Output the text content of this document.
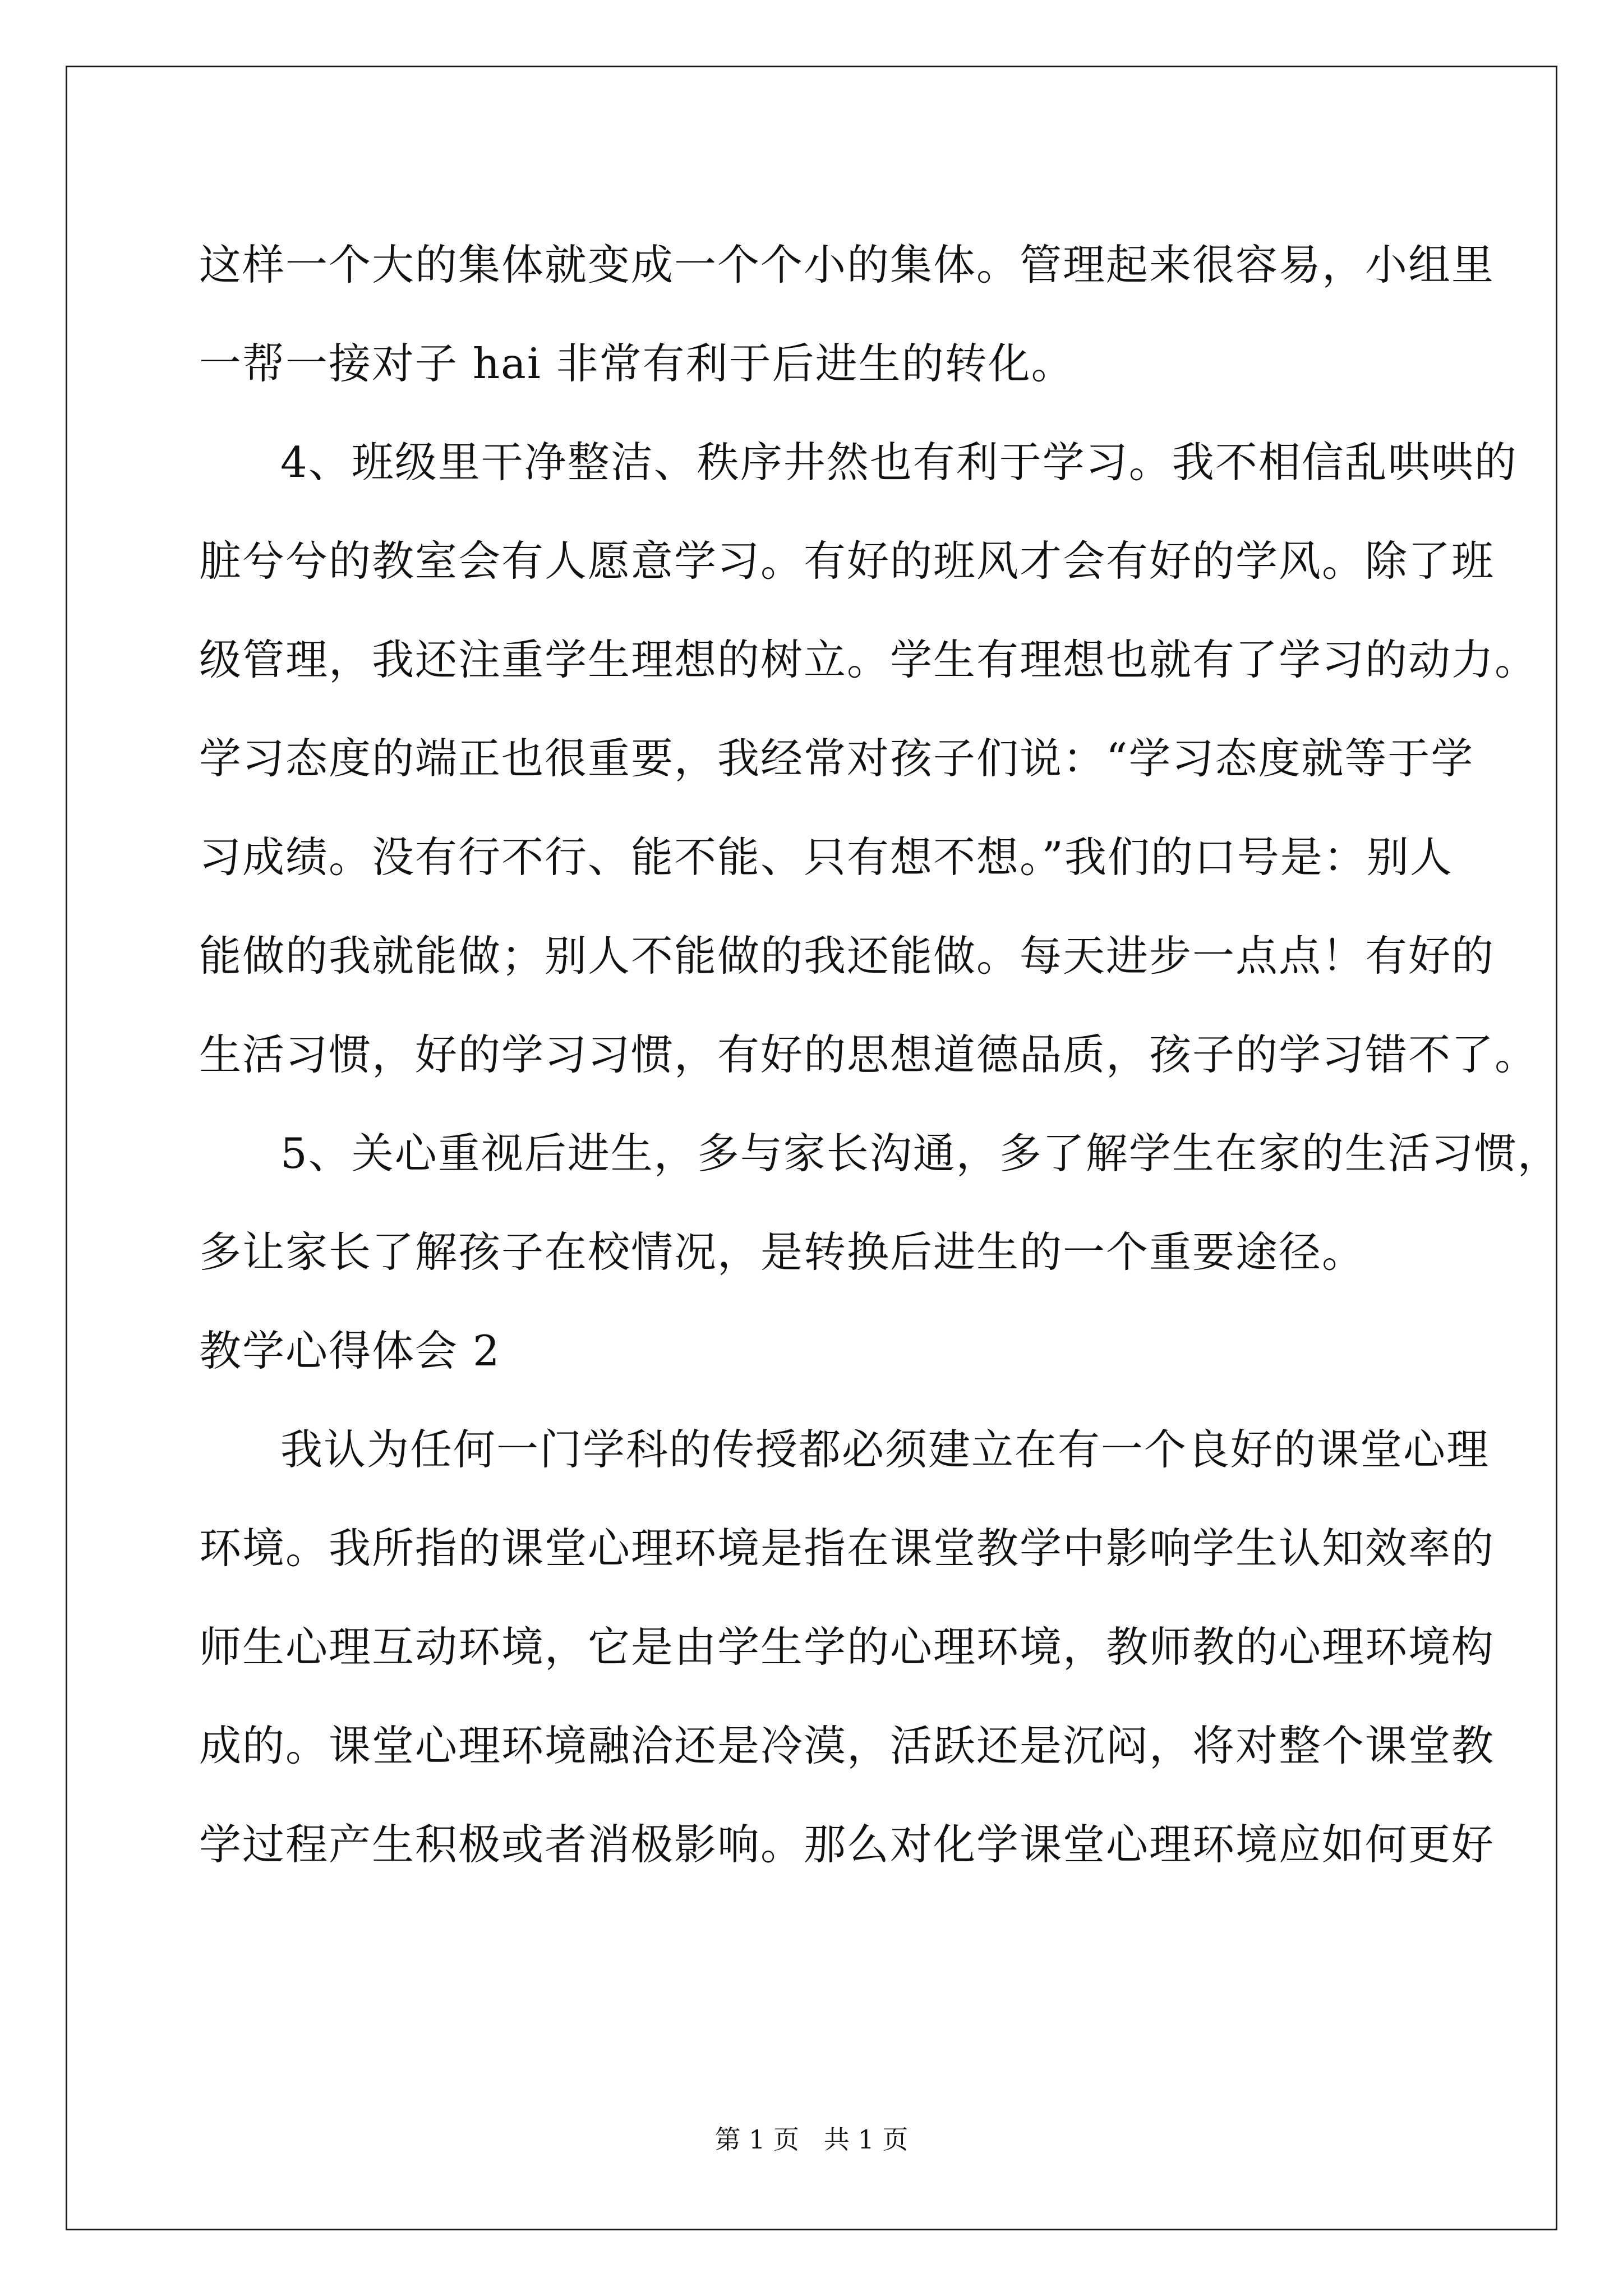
这样一个大的集体就变成一个个小的集体。管理起来很容易，小组里
一帮一接对子 hai 非常有利于后进生的转化。
4、班级里干净整洁、秩序井然也有利于学习。我不相信乱哄哄的
脏兮兮的教室会有人愿意学习。有好的班风才会有好的学风。除了班
级管理，我还注重学生理想的树立。学生有理想也就有了学习的动力。
学习态度的端正也很重要，我经常对孩子们说：“学习态度就等于学
习成绩。没有行不行、能不能、只有想不想。”我们的口号是：别人
能做的我就能做；别人不能做的我还能做。每天进步一点点！有好的
生活习惯，好的学习习惯，有好的思想道德品质，孩子的学习错不了。
5、关心重视后进生，多与家长沟通，多了解学生在家的生活习惯，
多让家长了解孩子在校情况，是转换后进生的一个重要途径。
教学心得体会 2
我认为任何一门学科的传授都必须建立在有一个良好的课堂心理
环境。我所指的课堂心理环境是指在课堂教学中影响学生认知效率的
师生心理互动环境，它是由学生学的心理环境，教师教的心理环境构
成的。课堂心理环境融洽还是冷漠，活跃还是沉闷，将对整个课堂教
学过程产生积极或者消极影响。那么对化学课堂心理环境应如何更好
第 1 页   共 1 页
